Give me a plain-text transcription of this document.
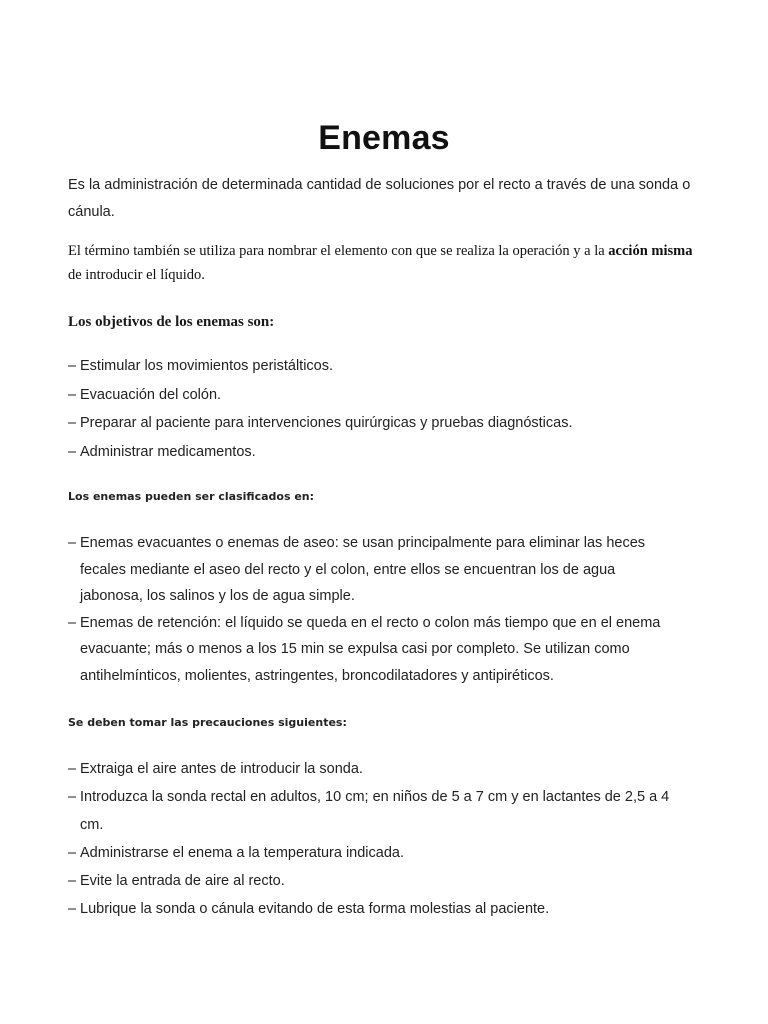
Enemas

Es la administración de determinada cantidad de soluciones por el recto a través de una sonda o cánula.

El término también se utiliza para nombrar el elemento con que se realiza la operación y a la acción misma de introducir el líquido.

Los objetivos de los enemas son:

– Estimular los movimientos peristálticos.
– Evacuación del colón.
– Preparar al paciente para intervenciones quirúrgicas y pruebas diagnósticas.
– Administrar medicamentos.

Los enemas pueden ser clasificados en:

– Enemas evacuantes o enemas de aseo: se usan principalmente para eliminar las heces fecales mediante el aseo del recto y el colon, entre ellos se encuentran los de agua jabonosa, los salinos y los de agua simple.
– Enemas de retención: el líquido se queda en el recto o colon más tiempo que en el enema evacuante; más o menos a los 15 min se expulsa casi por completo. Se utilizan como antihelmínticos, molientes, astringentes, broncodilatadores y antipiréticos.

Se deben tomar las precauciones siguientes:

– Extraiga el aire antes de introducir la sonda.
– Introduzca la sonda rectal en adultos, 10 cm; en niños de 5 a 7 cm y en lactantes de 2,5 a 4 cm.
– Administrarse el enema a la temperatura indicada.
– Evite la entrada de aire al recto.
– Lubrique la sonda o cánula evitando de esta forma molestias al paciente.
